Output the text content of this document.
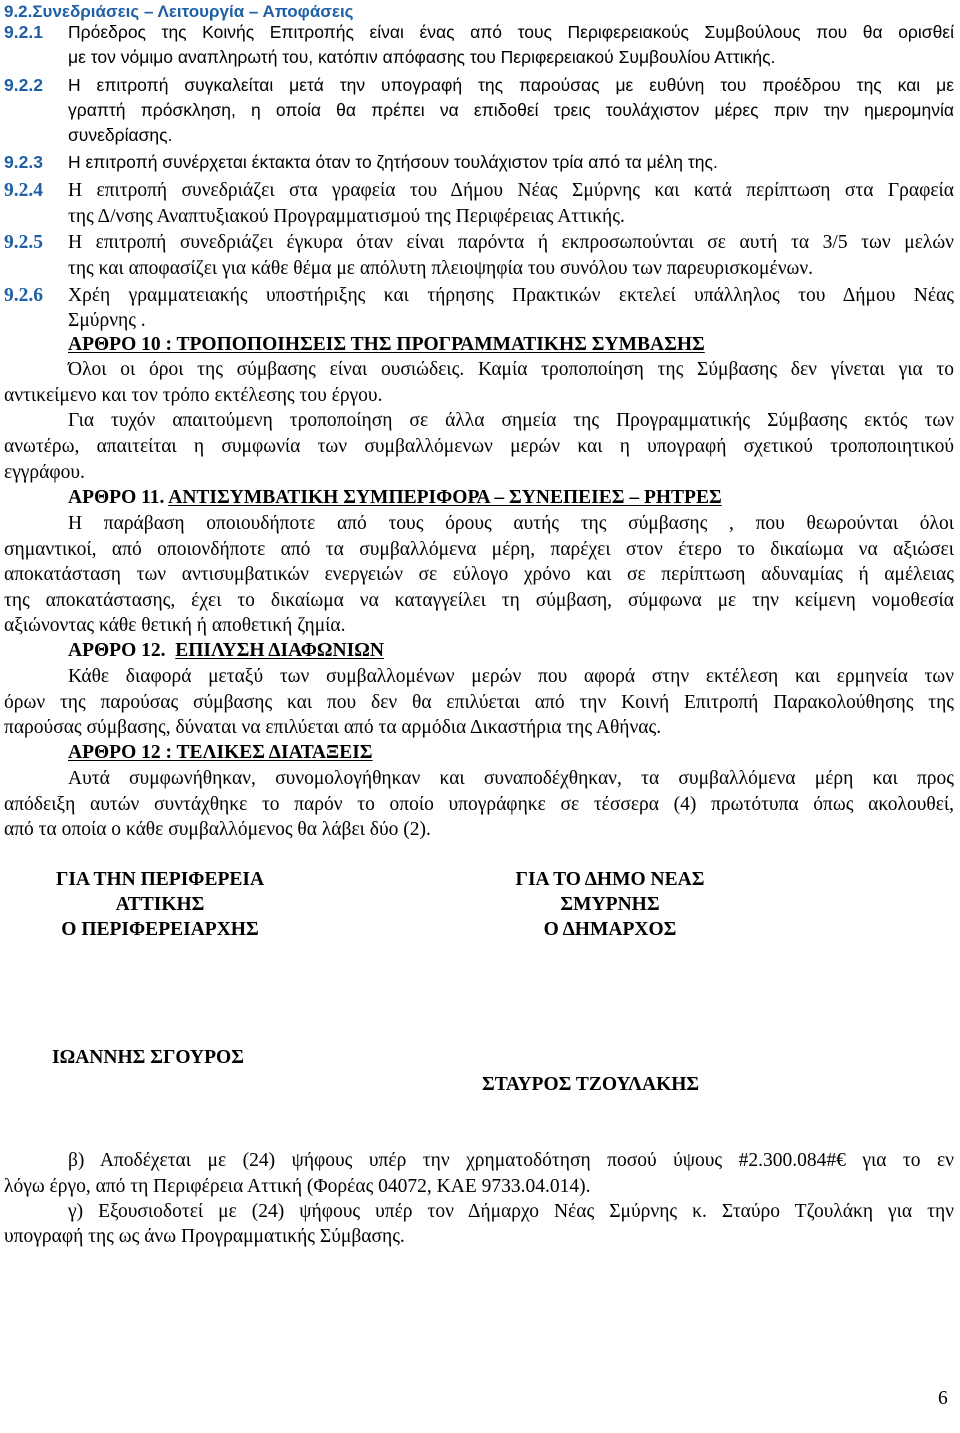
9.2.Συνεδριάσεις – Λειτουργία – Αποφάσεις
9.2.1 Πρόεδρος της Κοινής Επιτροπής είναι ένας από τους Περιφερειακούς Συμβούλους που θα ορισθεί
με τον νόμιμο αναπληρωτή του, κατόπιν απόφασης του Περιφερειακού Συμβουλίου Αττικής.
9.2.2 Η επιτροπή συγκαλείται μετά την υπογραφή της παρούσας με ευθύνη του προέδρου της και με
γραπτή πρόσκληση, η οποία θα πρέπει να επιδοθεί τρεις τουλάχιστον μέρες πριν την ημερομηνία
συνεδρίασης.
9.2.3 Η επιτροπή συνέρχεται έκτακτα όταν το ζητήσουν τουλάχιστον τρία από τα μέλη της.
9.2.4 Η επιτροπή συνεδριάζει στα γραφεία του Δήμου Νέας Σμύρνης και κατά περίπτωση στα Γραφεία
της Δ/νσης Αναπτυξιακού Προγραμματισμού της Περιφέρειας Αττικής.
9.2.5 Η επιτροπή συνεδριάζει έγκυρα όταν είναι παρόντα ή εκπροσωπούνται σε αυτή τα 3/5 των μελών
της και αποφασίζει για κάθε θέμα με απόλυτη πλειοψηφία του συνόλου των παρευρισκομένων.
9.2.6 Χρέη γραμματειακής υποστήριξης και τήρησης Πρακτικών εκτελεί υπάλληλος του Δήμου Νέας
Σμύρνης .
ΑΡΘΡΟ 10 : ΤΡΟΠΟΠΟΙΗΣΕΙΣ ΤΗΣ ΠΡΟΓΡΑΜΜΑΤΙΚΗΣ ΣΥΜΒΑΣΗΣ
Όλοι οι όροι της σύμβασης είναι ουσιώδεις. Καμία τροποποίηση της Σύμβασης δεν γίνεται για το
αντικείμενο και τον τρόπο εκτέλεσης του έργου.
Για τυχόν απαιτούμενη τροποποίηση σε άλλα σημεία της Προγραμματικής Σύμβασης εκτός των
ανωτέρω, απαιτείται η συμφωνία των συμβαλλόμενων μερών και η υπογραφή σχετικού τροποποιητικού
εγγράφου.
ΑΡΘΡΟ 11. ΑΝΤΙΣΥΜΒΑΤΙΚΗ ΣΥΜΠΕΡΙΦΟΡΑ – ΣΥΝΕΠΕΙΕΣ – ΡΗΤΡΕΣ
Η παράβαση οποιουδήποτε από τους όρους αυτής της σύμβασης , που θεωρούνται όλοι
σημαντικοί, από οποιονδήποτε από τα συμβαλλόμενα μέρη, παρέχει στον έτερο το δικαίωμα να αξιώσει
αποκατάσταση των αντισυμβατικών ενεργειών σε εύλογο χρόνο και σε περίπτωση αδυναμίας ή αμέλειας
της αποκατάστασης, έχει το δικαίωμα να καταγγείλει τη σύμβαση, σύμφωνα με την κείμενη νομοθεσία
αξιώνοντας κάθε θετική ή αποθετική ζημία.
ΑΡΘΡΟ 12. ΕΠΙΛΥΣΗ ΔΙΑΦΩΝΙΩΝ
Κάθε διαφορά μεταξύ των συμβαλλομένων μερών που αφορά στην εκτέλεση και ερμηνεία των
όρων της παρούσας σύμβασης και που δεν θα επιλύεται από την Κοινή Επιτροπή Παρακολούθησης της
παρούσας σύμβασης, δύναται να επιλύεται από τα αρμόδια Δικαστήρια της Αθήνας.
ΑΡΘΡΟ 12 : ΤΕΛΙΚΕΣ ΔΙΑΤΑΞΕΙΣ
Αυτά συμφωνήθηκαν, συνομολογήθηκαν και συναποδέχθηκαν, τα συμβαλλόμενα μέρη και προς
απόδειξη αυτών συντάχθηκε το παρόν το οποίο υπογράφηκε σε τέσσερα (4) πρωτότυπα όπως ακολουθεί,
από τα οποία ο κάθε συμβαλλόμενος θα λάβει δύο (2).
ΓΙΑ ΤΗΝ ΠΕΡΙΦΕΡΕΙΑ
ΑΤΤΙΚΗΣ
Ο ΠΕΡΙΦΕΡΕΙΑΡΧΗΣ
ΙΩΑΝΝΗΣ ΣΓΟΥΡΟΣ
ΓΙΑ ΤΟ ΔΗΜΟ ΝΕΑΣ
ΣΜΥΡΝΗΣ
Ο ΔΗΜΑΡΧΟΣ
ΣΤΑΥΡΟΣ ΤΖΟΥΛΑΚΗΣ
β) Αποδέχεται με (24) ψήφους υπέρ την χρηματοδότηση ποσού ύψους #2.300.084#€ για το εν
λόγω έργο, από τη Περιφέρεια Αττική (Φορέας 04072, ΚΑΕ 9733.04.014).
γ) Εξουσιοδοτεί με (24) ψήφους υπέρ τον Δήμαρχο Νέας Σμύρνης κ. Σταύρο Τζουλάκη για την
υπογραφή της ως άνω Προγραμματικής Σύμβασης.
6
